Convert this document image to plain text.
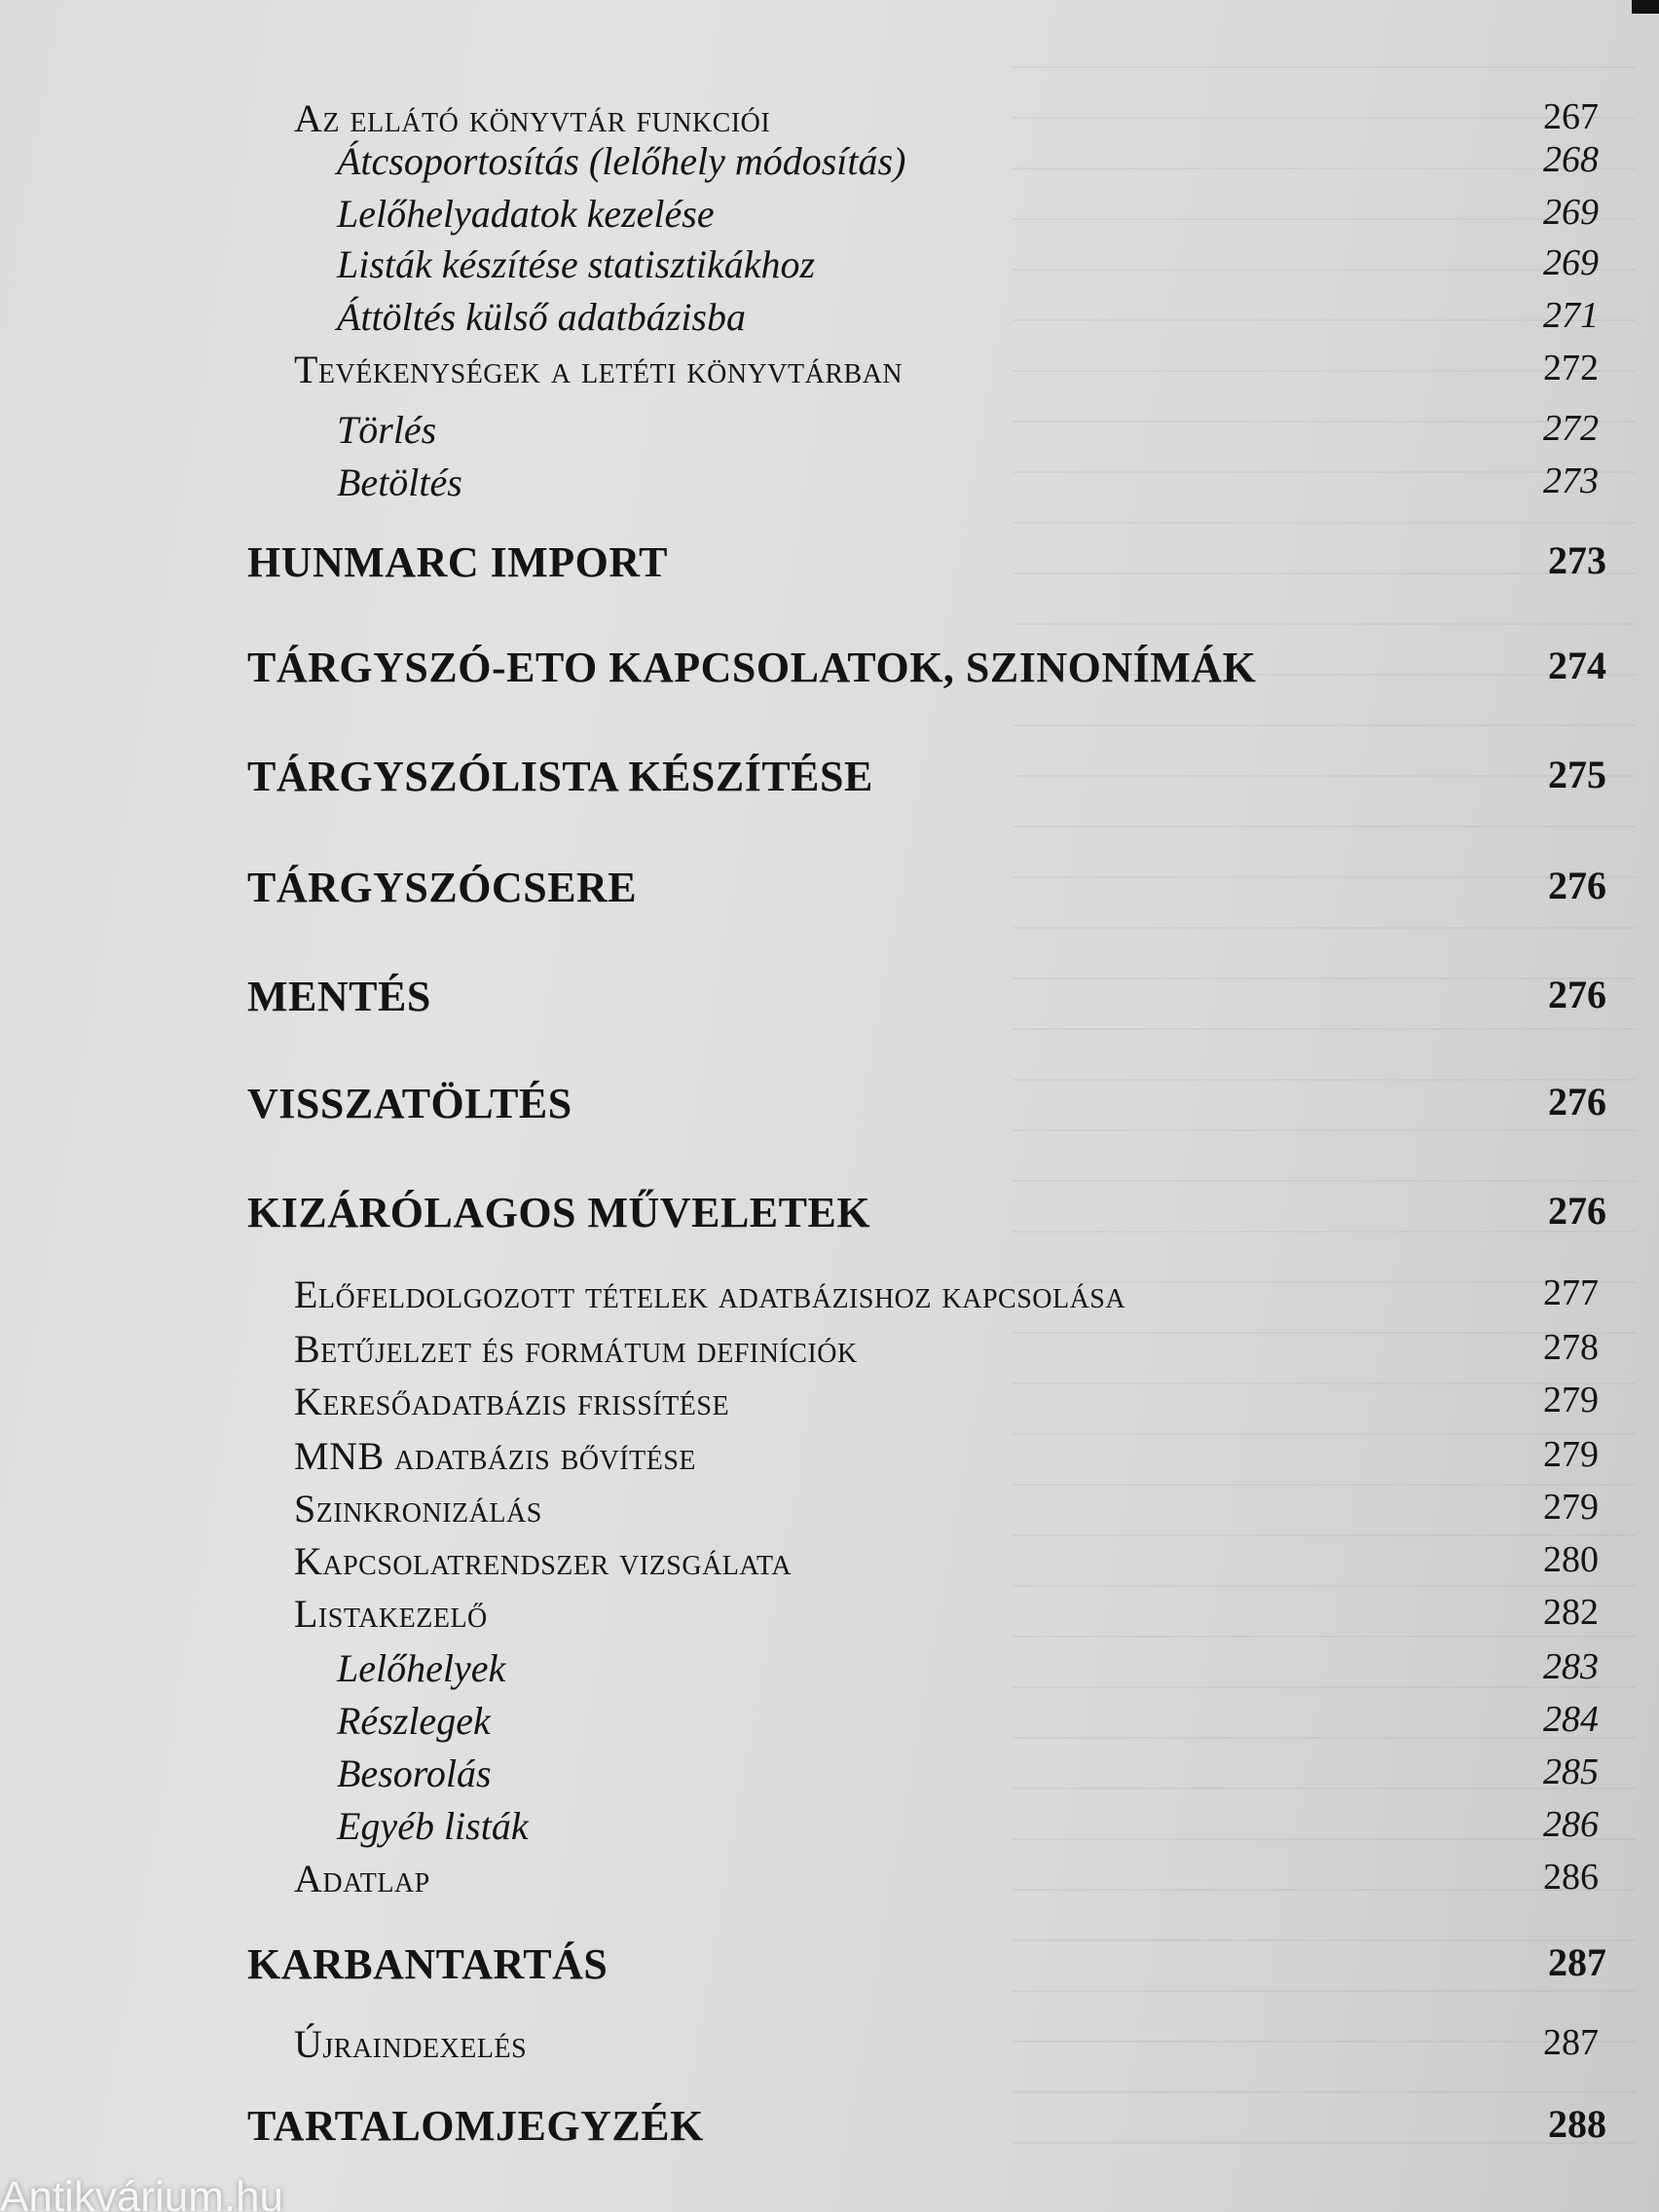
Az ellátó könyvtár funkciói	267
Átcsoportosítás (lelőhely módosítás)	268
Lelőhelyadatok kezelése	269
Listák készítése statisztikákhoz	269
Áttöltés külső adatbázisba	271
Tevékenységek a letéti könyvtárban	272
Törlés	272
Betöltés	273
HUNMARC IMPORT	273
TÁRGYSZÓ-ETO KAPCSOLATOK, SZINONÍMÁK	274
TÁRGYSZÓLISTA KÉSZÍTÉSE	275
TÁRGYSZÓCSERE	276
MENTÉS	276
VISSZATÖLTÉS	276
KIZÁRÓLAGOS MŰVELETEK	276
Előfeldolgozott tételek adatbázishoz kapcsolása	277
Betűjelzet és formátum definíciók	278
Keresőadatbázis frissítése	279
MNB adatbázis bővítése	279
Szinkronizálás	279
Kapcsolatrendszer vizsgálata	280
Listakezelő	282
Lelőhelyek	283
Részlegek	284
Besorolás	285
Egyéb listák	286
Adatlap	286
KARBANTARTÁS	287
Újraindexelés	287
TARTALOMJEGYZÉK	288
Antikvárium.hu
